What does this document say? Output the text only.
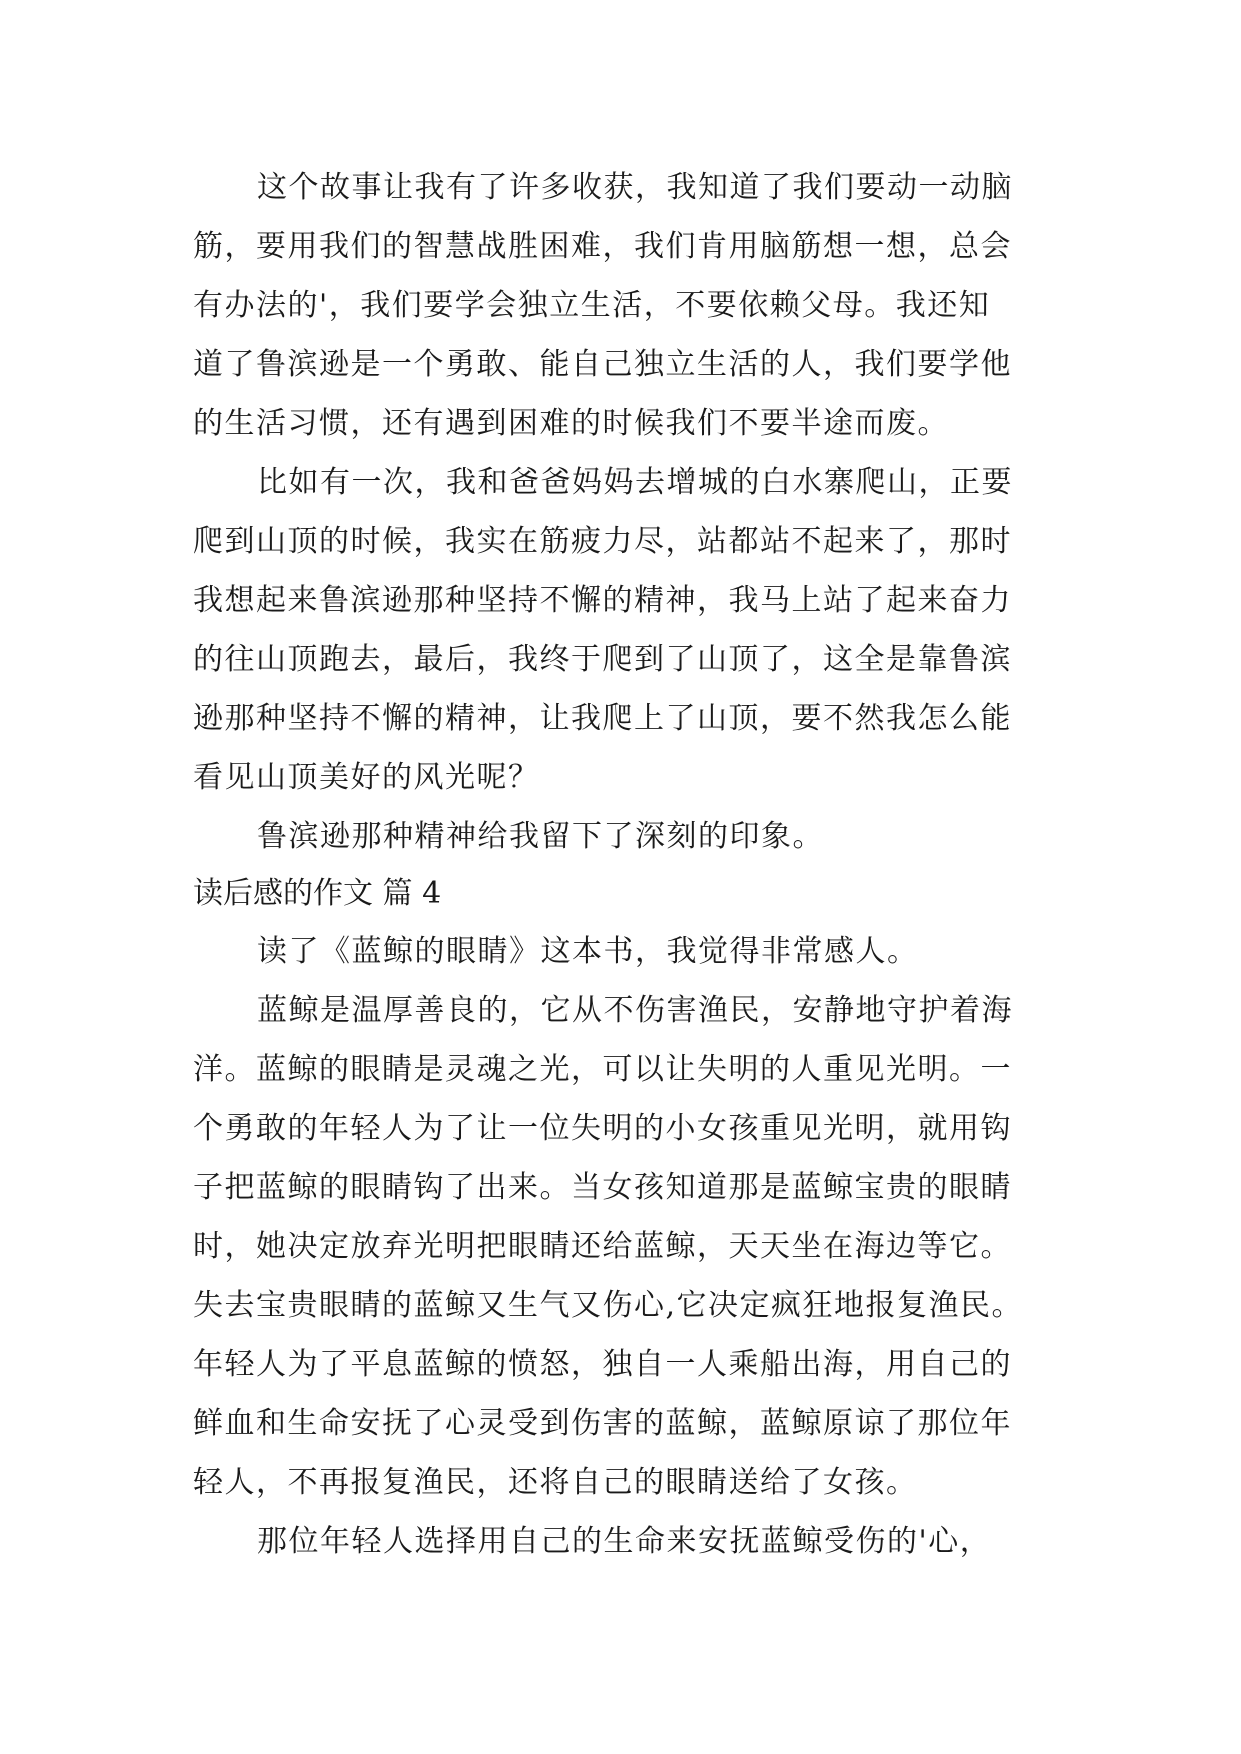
这个故事让我有了许多收获，我知道了我们要动一动脑
筋，要用我们的智慧战胜困难，我们肯用脑筋想一想，总会
有办法的'，我们要学会独立生活，不要依赖父母。我还知
道了鲁滨逊是一个勇敢、能自己独立生活的人，我们要学他
的生活习惯，还有遇到困难的时候我们不要半途而废。
比如有一次，我和爸爸妈妈去增城的白水寨爬山，正要
爬到山顶的时候，我实在筋疲力尽，站都站不起来了，那时
我想起来鲁滨逊那种坚持不懈的精神，我马上站了起来奋力
的往山顶跑去，最后，我终于爬到了山顶了，这全是靠鲁滨
逊那种坚持不懈的精神，让我爬上了山顶，要不然我怎么能
看见山顶美好的风光呢？
鲁滨逊那种精神给我留下了深刻的印象。
读后感的作文 篇 4
读了《蓝鲸的眼睛》这本书，我觉得非常感人。
蓝鲸是温厚善良的，它从不伤害渔民，安静地守护着海
洋。蓝鲸的眼睛是灵魂之光，可以让失明的人重见光明。一
个勇敢的年轻人为了让一位失明的小女孩重见光明，就用钩
子把蓝鲸的眼睛钩了出来。当女孩知道那是蓝鲸宝贵的眼睛
时，她决定放弃光明把眼睛还给蓝鲸，天天坐在海边等它。
失去宝贵眼睛的蓝鲸又生气又伤心,它决定疯狂地报复渔民。
年轻人为了平息蓝鲸的愤怒，独自一人乘船出海，用自己的
鲜血和生命安抚了心灵受到伤害的蓝鲸，蓝鲸原谅了那位年
轻人，不再报复渔民，还将自己的眼睛送给了女孩。
那位年轻人选择用自己的生命来安抚蓝鲸受伤的'心，
